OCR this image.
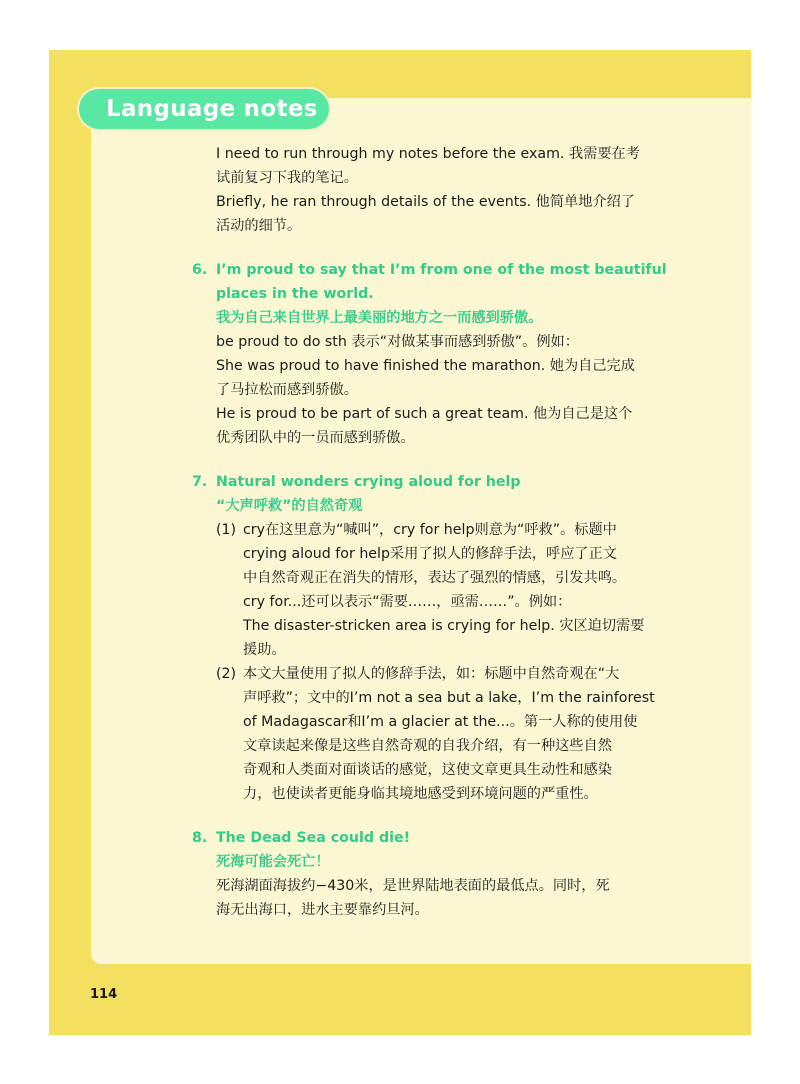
Language notes
I need to run through my notes before the exam. 我需要在考
试前复习下我的笔记。
Briefly, he ran through details of the events. 他简单地介绍了
活动的细节。
6. I’m proud to say that I’m from one of the most beautiful
places in the world.
我为自己来自世界上最美丽的地方之一而感到骄傲。
be proud to do sth 表示“对做某事而感到骄傲”。例如：
She was proud to have finished the marathon. 她为自己完成
了马拉松而感到骄傲。
He is proud to be part of such a great team. 他为自己是这个
优秀团队中的一员而感到骄傲。
7. Natural wonders crying aloud for help
“大声呼救”的自然奇观
(1) cry在这里意为“喊叫”，cry for help则意为“呼救”。标题中
crying aloud for help采用了拟人的修辞手法，呼应了正文
中自然奇观正在消失的情形，表达了强烈的情感，引发共鸣。
cry for...还可以表示“需要……，亟需……”。例如：
The disaster-stricken area is crying for help. 灾区迫切需要
援助。
(2) 本文大量使用了拟人的修辞手法，如：标题中自然奇观在“大
声呼救”；文中的I’m not a sea but a lake，I’m the rainforest
of Madagascar和I’m a glacier at the...。第一人称的使用使
文章读起来像是这些自然奇观的自我介绍，有一种这些自然
奇观和人类面对面谈话的感觉，这使文章更具生动性和感染
力，也使读者更能身临其境地感受到环境问题的严重性。
8. The Dead Sea could die!
死海可能会死亡！
死海湖面海拔约−430米，是世界陆地表面的最低点。同时，死
海无出海口，进水主要靠约旦河。
114
